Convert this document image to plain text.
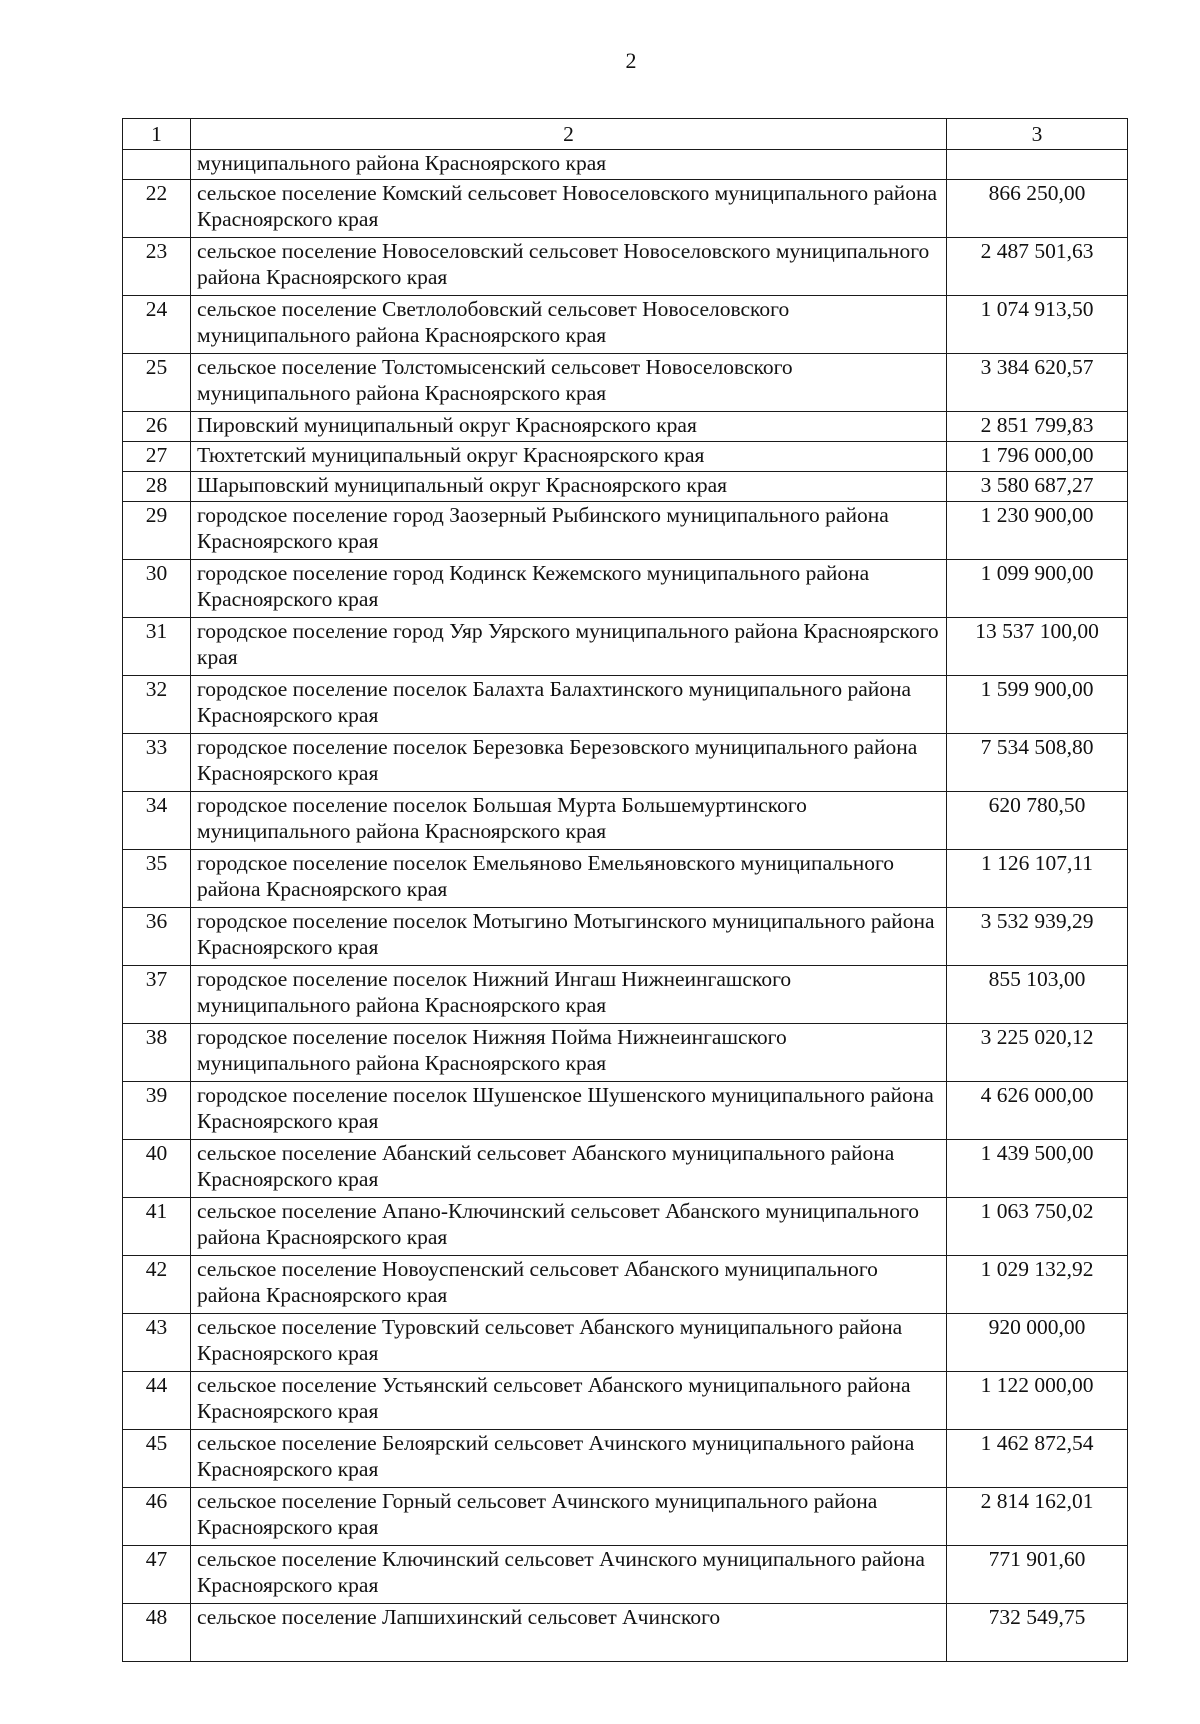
2
1	2	3
	муниципального района Красноярского края	
22	сельское поселение Комский сельсовет Новоселовского муниципального района Красноярского края	866 250,00
23	сельское поселение Новоселовский сельсовет Новоселовского муниципального района Красноярского края	2 487 501,63
24	сельское поселение Светлолобовский сельсовет Новоселовского муниципального района Красноярского края	1 074 913,50
25	сельское поселение Толстомысенский сельсовет Новоселовского муниципального района Красноярского края	3 384 620,57
26	Пировский муниципальный округ Красноярского края	2 851 799,83
27	Тюхтетский муниципальный округ Красноярского края	1 796 000,00
28	Шарыповский муниципальный округ Красноярского края	3 580 687,27
29	городское поселение город Заозерный Рыбинского муниципального района Красноярского края	1 230 900,00
30	городское поселение город Кодинск Кежемского муниципального района Красноярского края	1 099 900,00
31	городское поселение город Уяр Уярского муниципального района Красноярского края	13 537 100,00
32	городское поселение поселок Балахта Балахтинского муниципального района Красноярского края	1 599 900,00
33	городское поселение поселок Березовка Березовского муниципального района Красноярского края	7 534 508,80
34	городское поселение поселок Большая Мурта Большемуртинского муниципального района Красноярского края	620 780,50
35	городское поселение поселок Емельяново Емельяновского муниципального района Красноярского края	1 126 107,11
36	городское поселение поселок Мотыгино Мотыгинского муниципального района Красноярского края	3 532 939,29
37	городское поселение поселок Нижний Ингаш Нижнеингашского муниципального района Красноярского края	855 103,00
38	городское поселение поселок Нижняя Пойма Нижнеингашского муниципального района Красноярского края	3 225 020,12
39	городское поселение поселок Шушенское Шушенского муниципального района Красноярского края	4 626 000,00
40	сельское поселение Абанский сельсовет Абанского муниципального района Красноярского края	1 439 500,00
41	сельское поселение Апано-Ключинский сельсовет Абанского муниципального района Красноярского края	1 063 750,02
42	сельское поселение Новоуспенский сельсовет Абанского муниципального района Красноярского края	1 029 132,92
43	сельское поселение Туровский сельсовет Абанского муниципального района Красноярского края	920 000,00
44	сельское поселение Устьянский сельсовет Абанского муниципального района Красноярского края	1 122 000,00
45	сельское поселение Белоярский сельсовет Ачинского муниципального района Красноярского края	1 462 872,54
46	сельское поселение Горный сельсовет Ачинского муниципального района Красноярского края	2 814 162,01
47	сельское поселение Ключинский сельсовет Ачинского муниципального района Красноярского края	771 901,60
48	сельское поселение Лапшихинский сельсовет Ачинского	732 549,75
